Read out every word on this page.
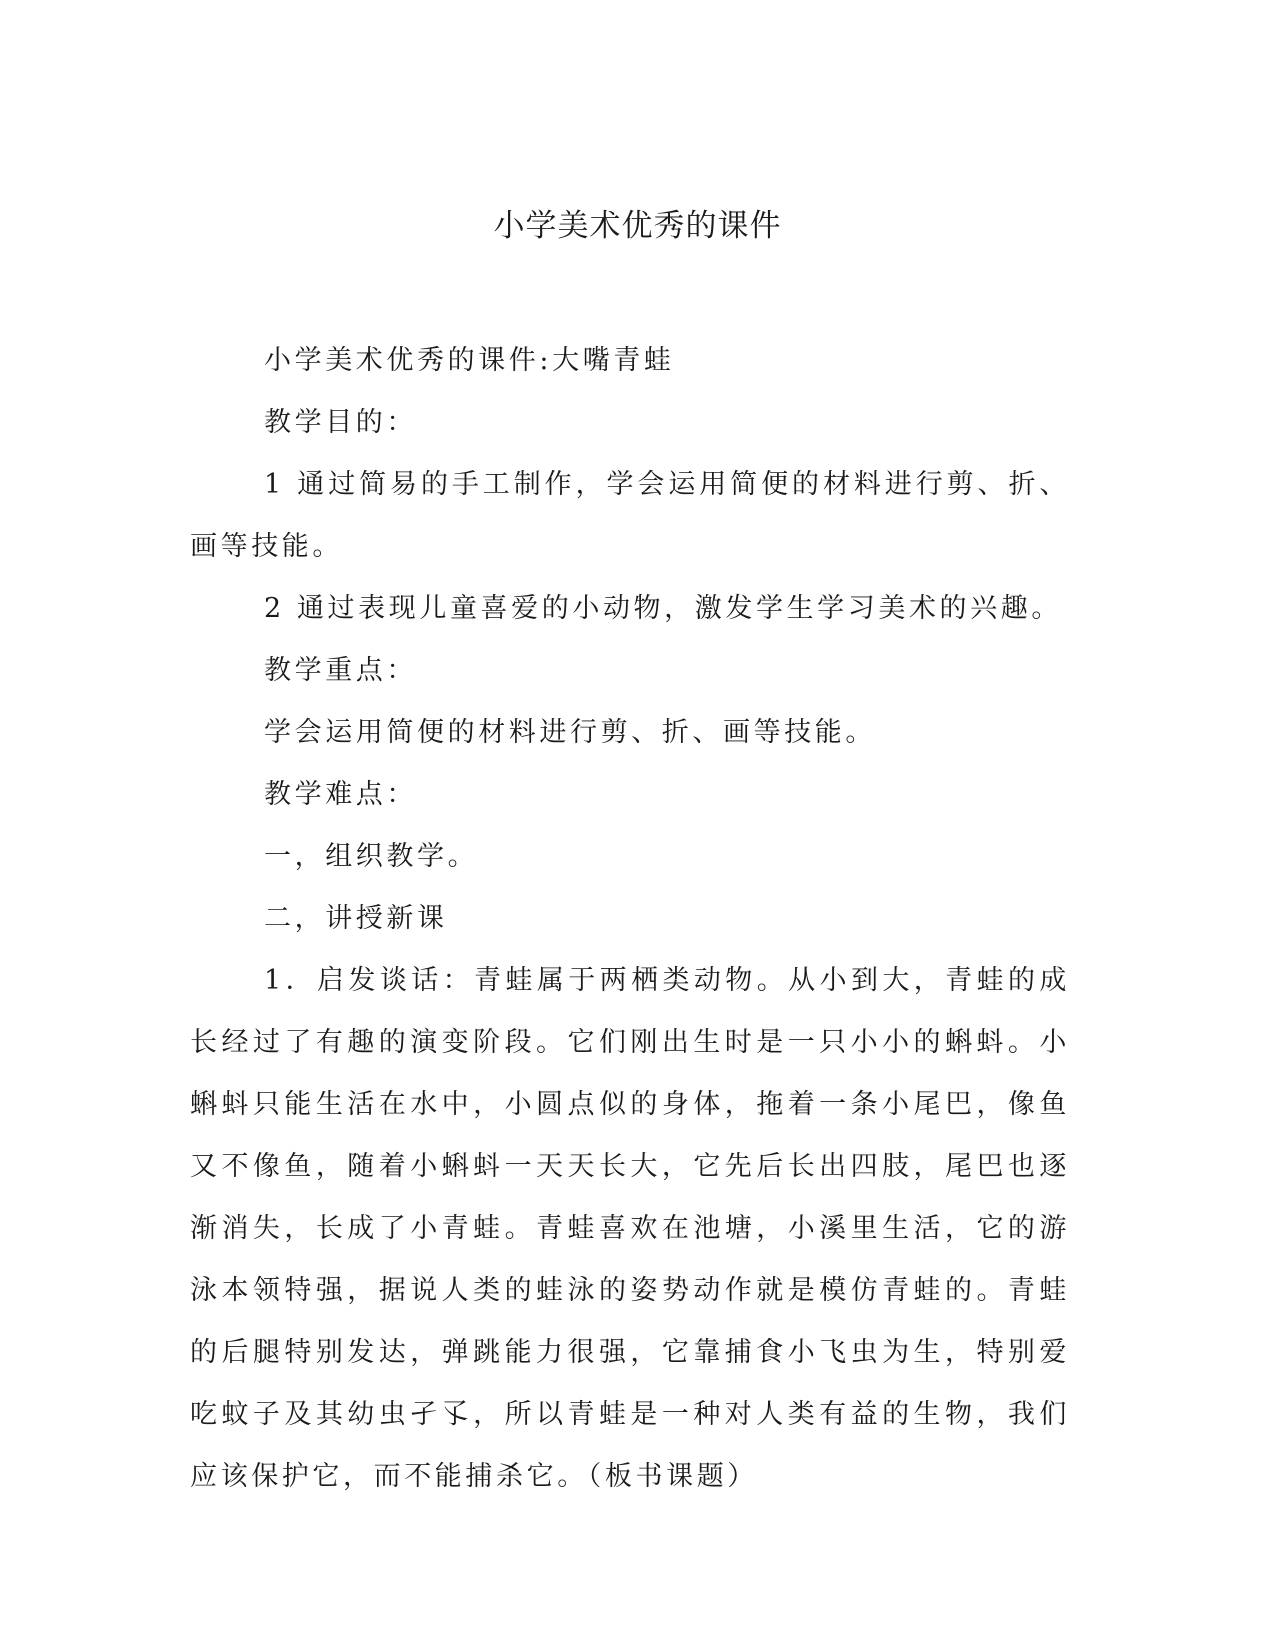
小学美术优秀的课件

小学美术优秀的课件:大嘴青蛙

教学目的：

1 通过简易的手工制作，学会运用简便的材料进行剪、折、画等技能。

2 通过表现儿童喜爱的小动物，激发学生学习美术的兴趣。

教学重点：

学会运用简便的材料进行剪、折、画等技能。

教学难点：

一，组织教学。

二，讲授新课

1．启发谈话：青蛙属于两栖类动物。从小到大，青蛙的成长经过了有趣的演变阶段。它们刚出生时是一只小小的蝌蚪。小蝌蚪只能生活在水中，小圆点似的身体，拖着一条小尾巴，像鱼又不像鱼，随着小蝌蚪一天天长大，它先后长出四肢，尾巴也逐渐消失，长成了小青蛙。青蛙喜欢在池塘，小溪里生活，它的游泳本领特强，据说人类的蛙泳的姿势动作就是模仿青蛙的。青蛙的后腿特别发达，弹跳能力很强，它靠捕食小飞虫为生，特别爱吃蚊子及其幼虫孑孓，所以青蛙是一种对人类有益的生物，我们应该保护它，而不能捕杀它。（板书课题）
